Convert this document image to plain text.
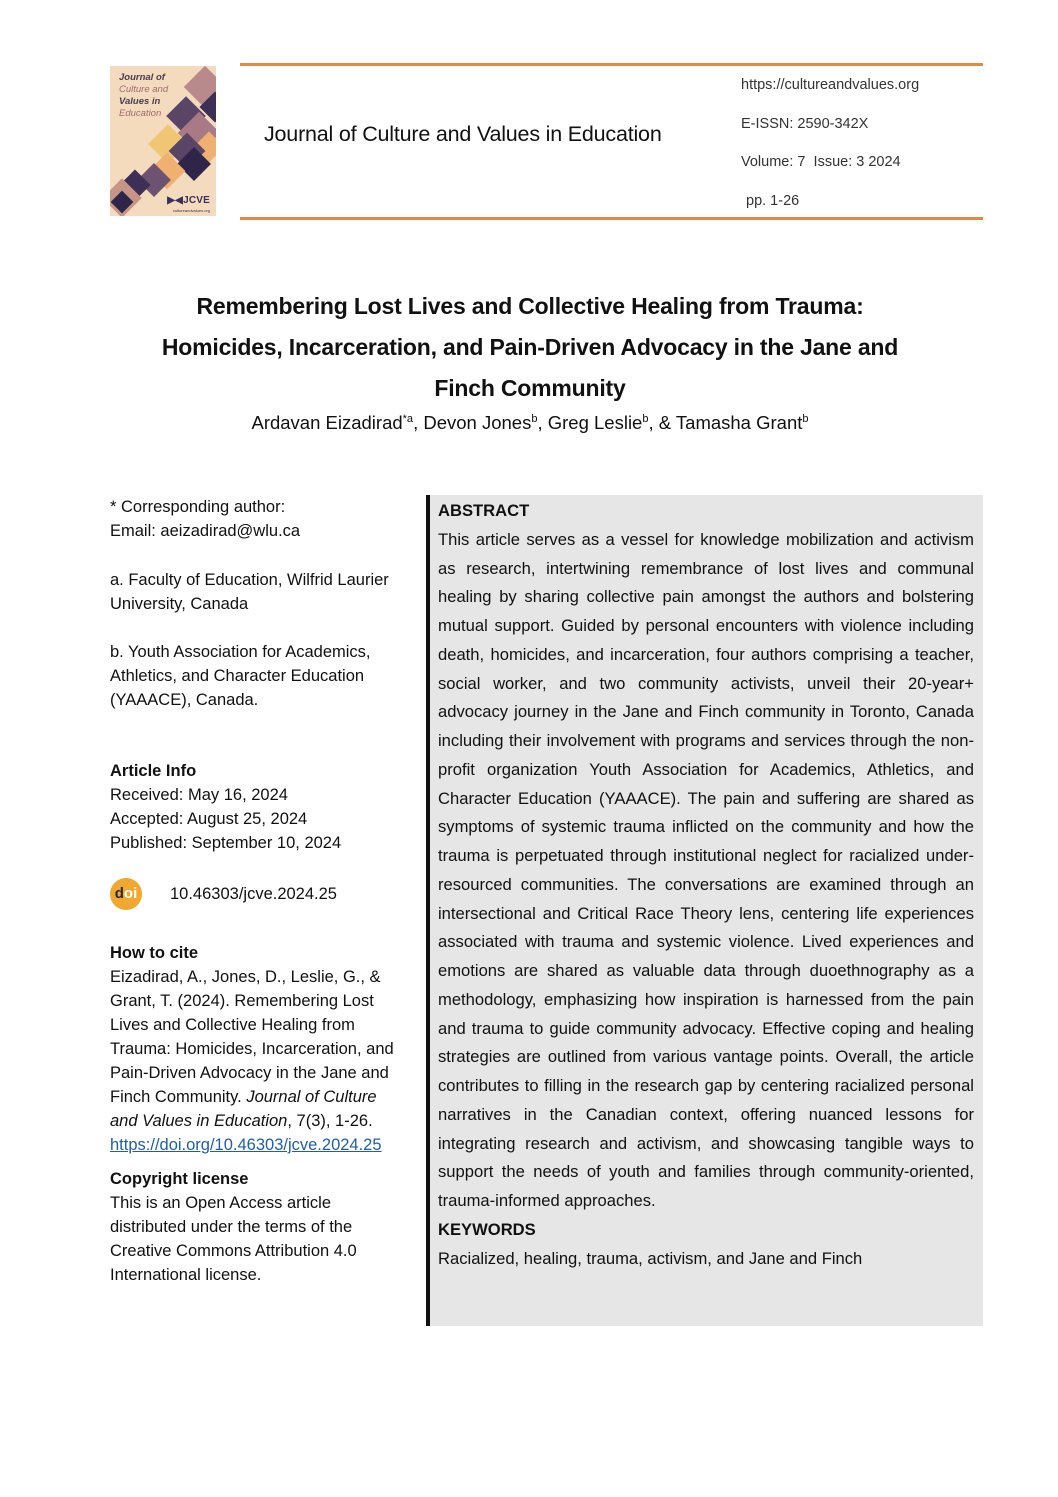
Journal of
Culture and
Values in
Education
▶◀JCVE
cultureandvalues.org
Journal of Culture and Values in Education
https://cultureandvalues.org
E-ISSN: 2590-342X
Volume: 7  Issue: 3 2024
pp. 1-26
Remembering Lost Lives and Collective Healing from Trauma:
Homicides, Incarceration, and Pain-Driven Advocacy in the Jane and
Finch Community
Ardavan Eizadirad$^{*a}$, Devon Jones$^b$, Greg Leslie$^b$, & Tamasha Grant$^b$
* Corresponding author:
Email: aeizadirad@wlu.ca
a. Faculty of Education, Wilfrid Laurier
University, Canada
b. Youth Association for Academics,
Athletics, and Character Education
(YAAACE), Canada.
Article Info
Received: May 16, 2024
Accepted: August 25, 2024
Published: September 10, 2024
doi 10.46303/jcve.2024.25
How to cite
Eizadirad, A., Jones, D., Leslie, G., &
Grant, T. (2024). Remembering Lost
Lives and Collective Healing from
Trauma: Homicides, Incarceration, and
Pain-Driven Advocacy in the Jane and
Finch Community. Journal of Culture
and Values in Education, 7(3), 1-26.
https://doi.org/10.46303/jcve.2024.25
Copyright license
This is an Open Access article
distributed under the terms of the
Creative Commons Attribution 4.0
International license.
ABSTRACT
This article serves as a vessel for knowledge mobilization and activism as research, intertwining remembrance of lost lives and communal healing by sharing collective pain amongst the authors and bolstering mutual support. Guided by personal encounters with violence including death, homicides, and incarceration, four authors comprising a teacher, social worker, and two community activists, unveil their 20-year+ advocacy journey in the Jane and Finch community in Toronto, Canada including their involvement with programs and services through the non-profit organization Youth Association for Academics, Athletics, and Character Education (YAAACE). The pain and suffering are shared as symptoms of systemic trauma inflicted on the community and how the trauma is perpetuated through institutional neglect for racialized under-resourced communities. The conversations are examined through an intersectional and Critical Race Theory lens, centering life experiences associated with trauma and systemic violence. Lived experiences and emotions are shared as valuable data through duoethnography as a methodology, emphasizing how inspiration is harnessed from the pain and trauma to guide community advocacy. Effective coping and healing strategies are outlined from various vantage points. Overall, the article contributes to filling in the research gap by centering racialized personal narratives in the Canadian context, offering nuanced lessons for integrating research and activism, and showcasing tangible ways to support the needs of youth and families through community-oriented, trauma-informed approaches.
KEYWORDS
Racialized, healing, trauma, activism, and Jane and Finch
